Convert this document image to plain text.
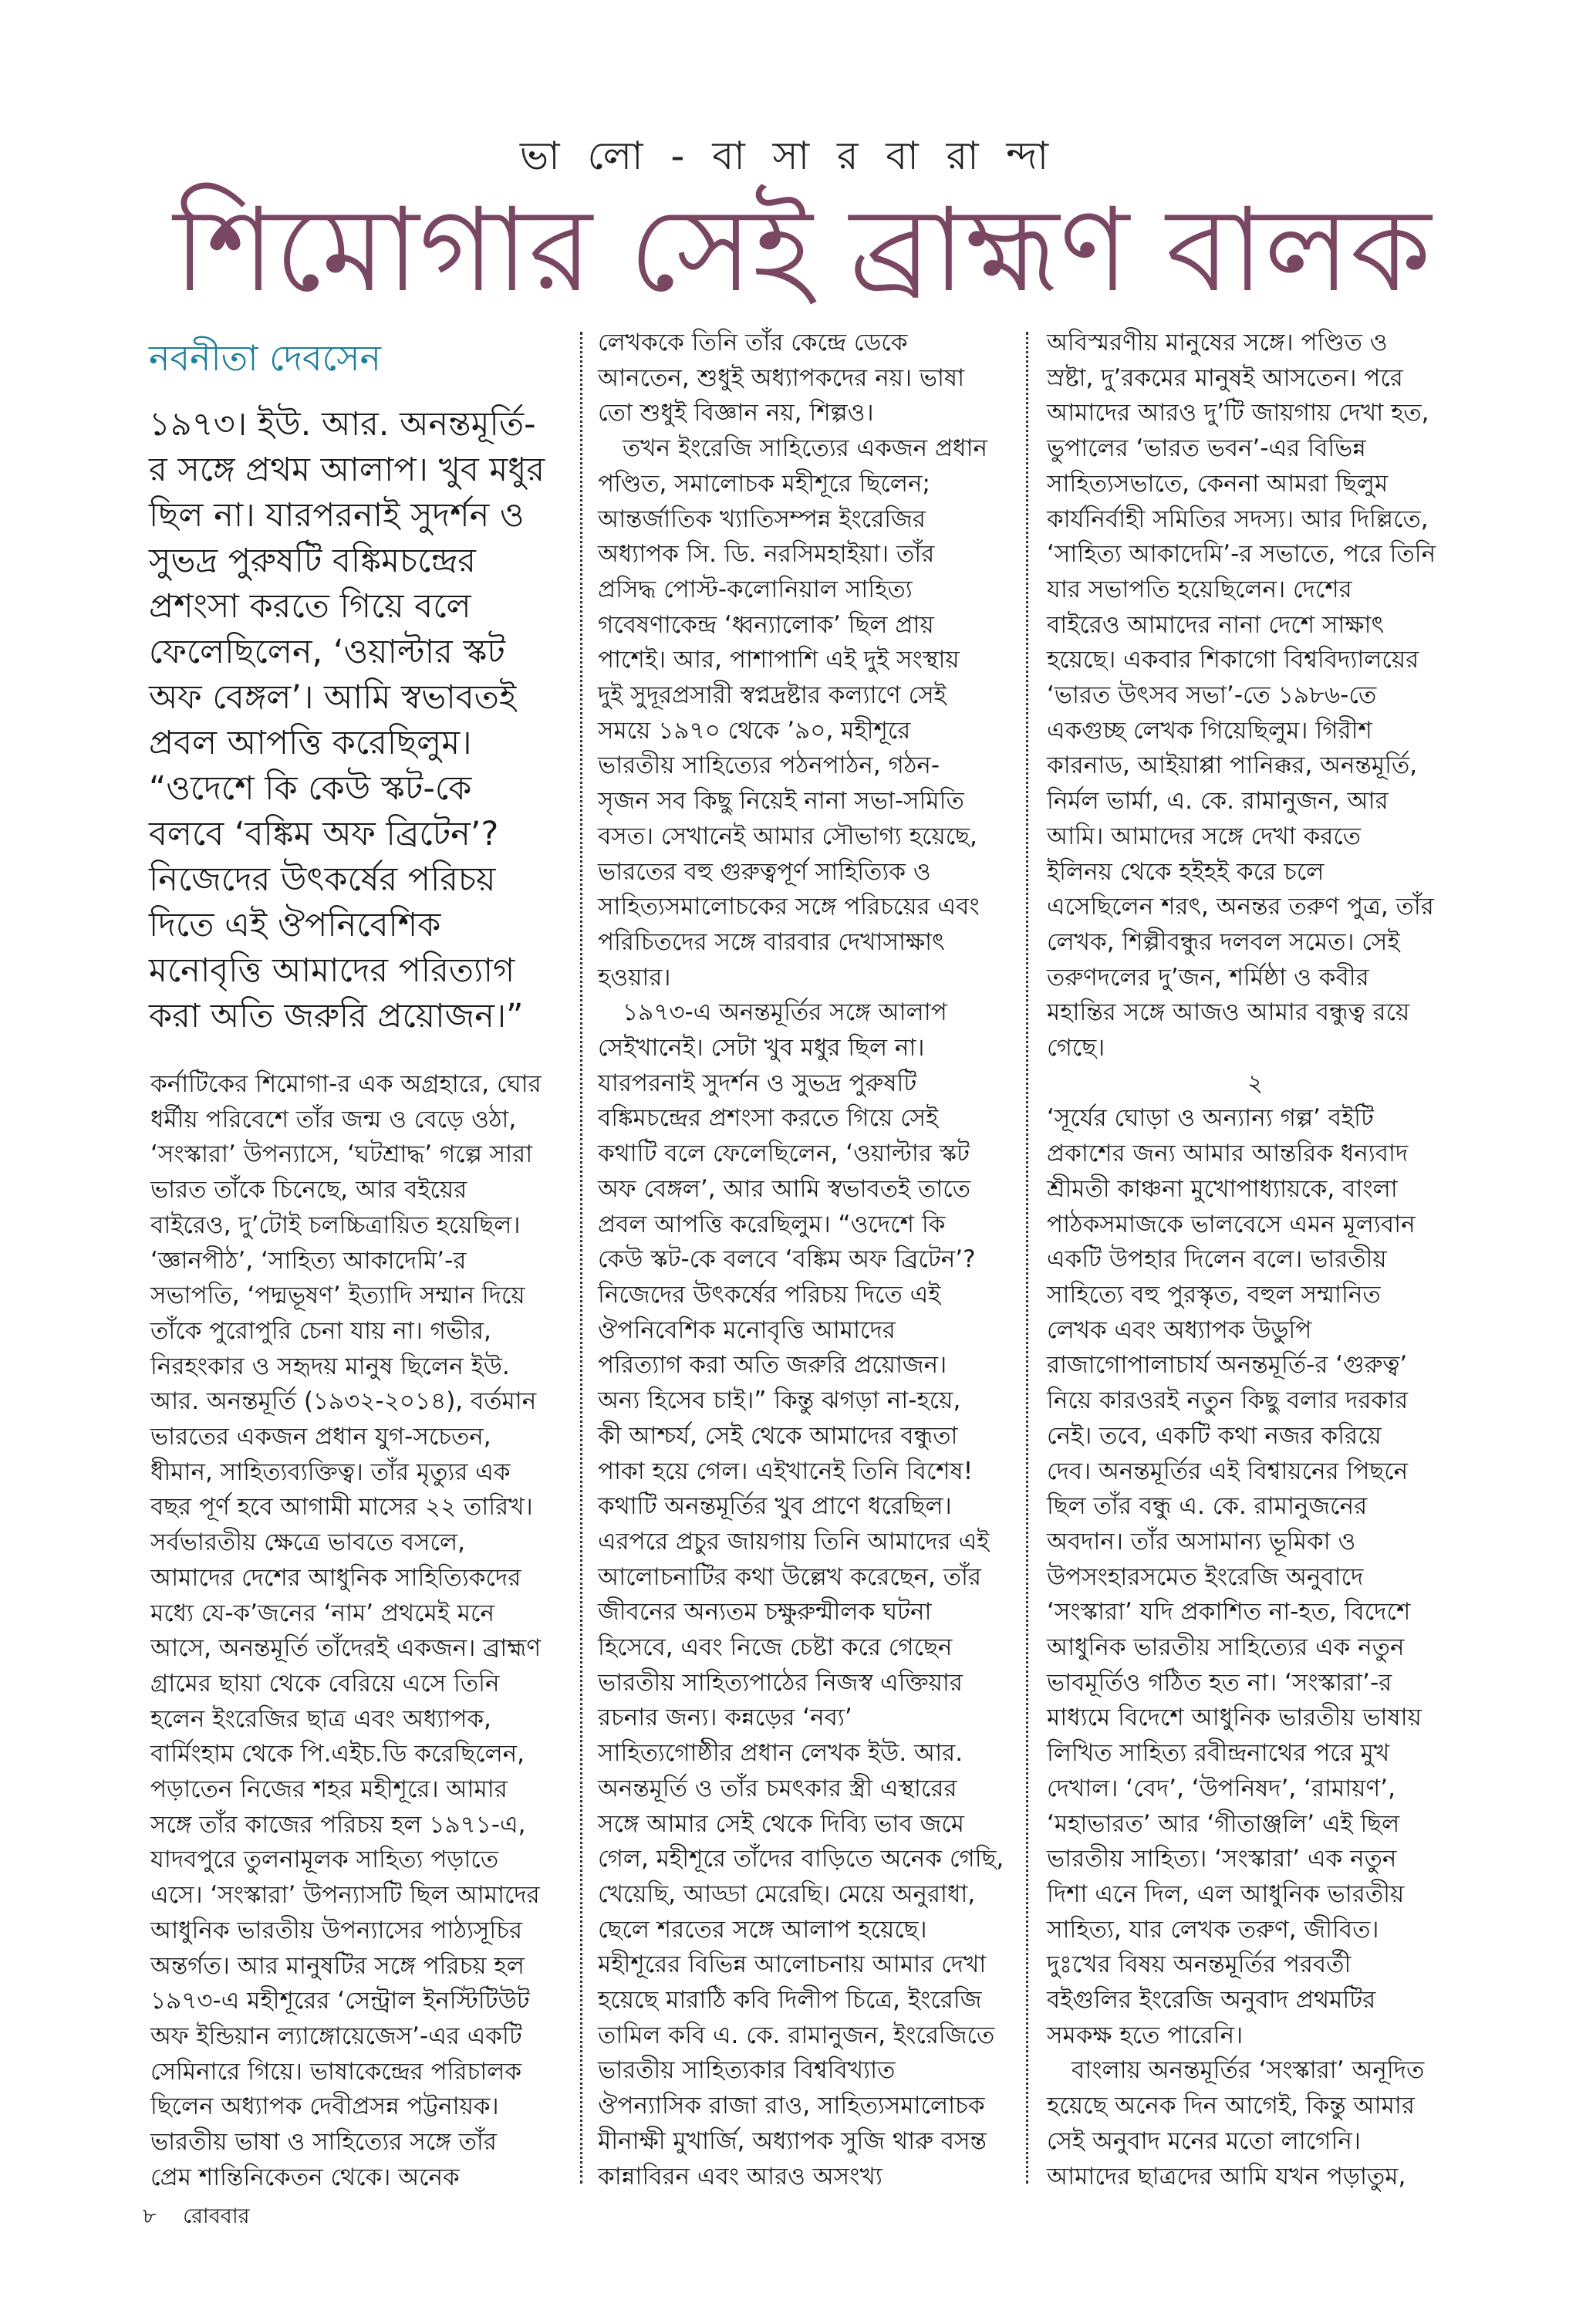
ভা লো - বা সা র বা রা ন্দা
শিমোগার সেই ব্রাহ্মণ বালক
নবনীতা দেবসেন
১৯৭৩। ইউ. আর. অনন্তমূর্তি-
র সঙ্গে প্রথম আলাপ। খুব মধুর
ছিল না। যারপরনাই সুদর্শন ও
সুভদ্র পুরুষটি বঙ্কিমচন্দ্রের
প্রশংসা করতে গিয়ে বলে
ফেলেছিলেন, ‘ওয়াল্টার স্কট
অফ বেঙ্গল’। আমি স্বভাবতই
প্রবল আপত্তি করেছিলুম।
“ওদেশে কি কেউ স্কট-কে
বলবে ‘বঙ্কিম অফ ব্রিটেন’?
নিজেদের উৎকর্ষের পরিচয়
দিতে এই ঔপনিবেশিক
মনোবৃত্তি আমাদের পরিত্যাগ
করা অতি জরুরি প্রয়োজন।”
কর্নাটিকের শিমোগা-র এক অগ্রহারে, ঘোর
ধর্মীয় পরিবেশে তাঁর জন্ম ও বেড়ে ওঠা,
‘সংস্কারা’ উপন্যাসে, ‘ঘটশ্রাদ্ধ’ গল্পে সারা
ভারত তাঁকে চিনেছে, আর বইয়ের
বাইরেও, দু’টোই চলচ্চিত্রায়িত হয়েছিল।
‘জ্ঞানপীঠ’, ‘সাহিত্য আকাদেমি’-র
সভাপতি, ‘পদ্মভূষণ’ ইত্যাদি সম্মান দিয়ে
তাঁকে পুরোপুরি চেনা যায় না। গভীর,
নিরহংকার ও সহৃদয় মানুষ ছিলেন ইউ.
আর. অনন্তমূর্তি (১৯৩২-২০১৪), বর্তমান
ভারতের একজন প্রধান যুগ-সচেতন,
ধীমান, সাহিত্যব্যক্তিত্ব। তাঁর মৃত্যুর এক
বছর পূর্ণ হবে আগামী মাসের ২২ তারিখ।
সর্বভারতীয় ক্ষেত্রে ভাবতে বসলে,
আমাদের দেশের আধুনিক সাহিত্যিকদের
মধ্যে যে-ক’জনের ‘নাম’ প্রথমেই মনে
আসে, অনন্তমূর্তি তাঁদেরই একজন। ব্রাহ্মণ
গ্রামের ছায়া থেকে বেরিয়ে এসে তিনি
হলেন ইংরেজির ছাত্র এবং অধ্যাপক,
বার্মিংহাম থেকে পি.এইচ.ডি করেছিলেন,
পড়াতেন নিজের শহর মহীশূরে। আমার
সঙ্গে তাঁর কাজের পরিচয় হল ১৯৭১-এ,
যাদবপুরে তুলনামূলক সাহিত্য পড়াতে
এসে। ‘সংস্কারা’ উপন্যাসটি ছিল আমাদের
আধুনিক ভারতীয় উপন্যাসের পাঠ্যসূচির
অন্তর্গত। আর মানুষটির সঙ্গে পরিচয় হল
১৯৭৩-এ মহীশূরের ‘সেন্ট্রাল ইনস্টিটিউট
অফ ইন্ডিয়ান ল্যাঙ্গোয়েজেস’-এর একটি
সেমিনারে গিয়ে। ভাষাকেন্দ্রের পরিচালক
ছিলেন অধ্যাপক দেবীপ্রসন্ন পট্টনায়ক।
ভারতীয় ভাষা ও সাহিত্যের সঙ্গে তাঁর
প্রেম শান্তিনিকেতন থেকে। অনেক
লেখককে তিনি তাঁর কেন্দ্রে ডেকে
আনতেন, শুধুই অধ্যাপকদের নয়। ভাষা
তো শুধুই বিজ্ঞান নয়, শিল্পও।
তখন ইংরেজি সাহিত্যের একজন প্রধান
পণ্ডিত, সমালোচক মহীশূরে ছিলেন;
আন্তর্জাতিক খ্যাতিসম্পন্ন ইংরেজির
অধ্যাপক সি. ডি. নরসিমহাইয়া। তাঁর
প্রসিদ্ধ পোস্ট-কলোনিয়াল সাহিত্য
গবেষণাকেন্দ্র ‘ধ্বন্যালোক’ ছিল প্রায়
পাশেই। আর, পাশাপাশি এই দুই সংস্থায়
দুই সুদূরপ্রসারী স্বপ্নদ্রষ্টার কল্যাণে সেই
সময়ে ১৯৭০ থেকে ’৯০, মহীশূরে
ভারতীয় সাহিত্যের পঠনপাঠন, গঠন-
সৃজন সব কিছু নিয়েই নানা সভা-সমিতি
বসত। সেখানেই আমার সৌভাগ্য হয়েছে,
ভারতের বহু গুরুত্বপূর্ণ সাহিত্যিক ও
সাহিত্যসমালোচকের সঙ্গে পরিচয়ের এবং
পরিচিতদের সঙ্গে বারবার দেখাসাক্ষাৎ
হওয়ার।
১৯৭৩-এ অনন্তমূর্তির সঙ্গে আলাপ
সেইখানেই। সেটা খুব মধুর ছিল না।
যারপরনাই সুদর্শন ও সুভদ্র পুরুষটি
বঙ্কিমচন্দ্রের প্রশংসা করতে গিয়ে সেই
কথাটি বলে ফেলেছিলেন, ‘ওয়াল্টার স্কট
অফ বেঙ্গল’, আর আমি স্বভাবতই তাতে
প্রবল আপত্তি করেছিলুম। “ওদেশে কি
কেউ স্কট-কে বলবে ‘বঙ্কিম অফ ব্রিটেন’?
নিজেদের উৎকর্ষের পরিচয় দিতে এই
ঔপনিবেশিক মনোবৃত্তি আমাদের
পরিত্যাগ করা অতি জরুরি প্রয়োজন।
অন্য হিসেব চাই।” কিন্তু ঝগড়া না-হয়ে,
কী আশ্চর্য, সেই থেকে আমাদের বন্ধুতা
পাকা হয়ে গেল। এইখানেই তিনি বিশেষ!
কথাটি অনন্তমূর্তির খুব প্রাণে ধরেছিল।
এরপরে প্রচুর জায়গায় তিনি আমাদের এই
আলোচনাটির কথা উল্লেখ করেছেন, তাঁর
জীবনের অন্যতম চক্ষুরুন্মীলক ঘটনা
হিসেবে, এবং নিজে চেষ্টা করে গেছেন
ভারতীয় সাহিত্যপাঠের নিজস্ব এক্তিয়ার
রচনার জন্য। কন্নড়ের ‘নব্য’
সাহিত্যগোষ্ঠীর প্রধান লেখক ইউ. আর.
অনন্তমূর্তি ও তাঁর চমৎকার স্ত্রী এস্থারের
সঙ্গে আমার সেই থেকে দিব্যি ভাব জমে
গেল, মহীশূরে তাঁদের বাড়িতে অনেক গেছি,
খেয়েছি, আড্ডা মেরেছি। মেয়ে অনুরাধা,
ছেলে শরতের সঙ্গে আলাপ হয়েছে।
মহীশূরের বিভিন্ন আলোচনায় আমার দেখা
হয়েছে মারাঠি কবি দিলীপ চিত্রে, ইংরেজি
তামিল কবি এ. কে. রামানুজন, ইংরেজিতে
ভারতীয় সাহিত্যকার বিশ্ববিখ্যাত
ঔপন্যাসিক রাজা রাও, সাহিত্যসমালোচক
মীনাক্ষী মুখার্জি, অধ্যাপক সুজি থারু বসন্ত
কান্নাবিরন এবং আরও অসংখ্য
অবিস্মরণীয় মানুষের সঙ্গে। পণ্ডিত ও
স্রষ্টা, দু’রকমের মানুষই আসতেন। পরে
আমাদের আরও দু’টি জায়গায় দেখা হত,
ভুপালের ‘ভারত ভবন’-এর বিভিন্ন
সাহিত্যসভাতে, কেননা আমরা ছিলুম
কার্যনির্বাহী সমিতির সদস্য। আর দিল্লিতে,
‘সাহিত্য আকাদেমি’-র সভাতে, পরে তিনি
যার সভাপতি হয়েছিলেন। দেশের
বাইরেও আমাদের নানা দেশে সাক্ষাৎ
হয়েছে। একবার শিকাগো বিশ্ববিদ্যালয়ের
‘ভারত উৎসব সভা’-তে ১৯৮৬-তে
একগুচ্ছ লেখক গিয়েছিলুম। গিরীশ
কারনাড, আইয়াপ্পা পানিক্কর, অনন্তমূর্তি,
নির্মল ভার্মা, এ. কে. রামানুজন, আর
আমি। আমাদের সঙ্গে দেখা করতে
ইলিনয় থেকে হইহই করে চলে
এসেছিলেন শরৎ, অনন্তর তরুণ পুত্র, তাঁর
লেখক, শিল্পীবন্ধুর দলবল সমেত। সেই
তরুণদলের দু’জন, শর্মিষ্ঠা ও কবীর
মহান্তির সঙ্গে আজও আমার বন্ধুত্ব রয়ে
গেছে।
২
‘সূর্যের ঘোড়া ও অন্যান্য গল্প’ বইটি
প্রকাশের জন্য আমার আন্তরিক ধন্যবাদ
শ্রীমতী কাঞ্চনা মুখোপাধ্যায়কে, বাংলা
পাঠকসমাজকে ভালবেসে এমন মূল্যবান
একটি উপহার দিলেন বলে। ভারতীয়
সাহিত্যে বহু পুরস্কৃত, বহুল সম্মানিত
লেখক এবং অধ্যাপক উডুপি
রাজাগোপালাচার্য অনন্তমূর্তি-র ‘গুরুত্ব’
নিয়ে কারওরই নতুন কিছু বলার দরকার
নেই। তবে, একটি কথা নজর করিয়ে
দেব। অনন্তমূর্তির এই বিশ্বায়নের পিছনে
ছিল তাঁর বন্ধু এ. কে. রামানুজনের
অবদান। তাঁর অসামান্য ভূমিকা ও
উপসংহারসমেত ইংরেজি অনুবাদে
‘সংস্কারা’ যদি প্রকাশিত না-হত, বিদেশে
আধুনিক ভারতীয় সাহিত্যের এক নতুন
ভাবমূর্তিও গঠিত হত না। ‘সংস্কারা’-র
মাধ্যমে বিদেশে আধুনিক ভারতীয় ভাষায়
লিখিত সাহিত্য রবীন্দ্রনাথের পরে মুখ
দেখাল। ‘বেদ’, ‘উপনিষদ’, ‘রামায়ণ’,
‘মহাভারত’ আর ‘গীতাঞ্জলি’ এই ছিল
ভারতীয় সাহিত্য। ‘সংস্কারা’ এক নতুন
দিশা এনে দিল, এল আধুনিক ভারতীয়
সাহিত্য, যার লেখক তরুণ, জীবিত।
দুঃখের বিষয় অনন্তমূর্তির পরবর্তী
বইগুলির ইংরেজি অনুবাদ প্রথমটির
সমকক্ষ হতে পারেনি।
বাংলায় অনন্তমূর্তির ‘সংস্কারা’ অনূদিত
হয়েছে অনেক দিন আগেই, কিন্তু আমার
সেই অনুবাদ মনের মতো লাগেনি।
আমাদের ছাত্রদের আমি যখন পড়াতুম,
৮ রোববার
